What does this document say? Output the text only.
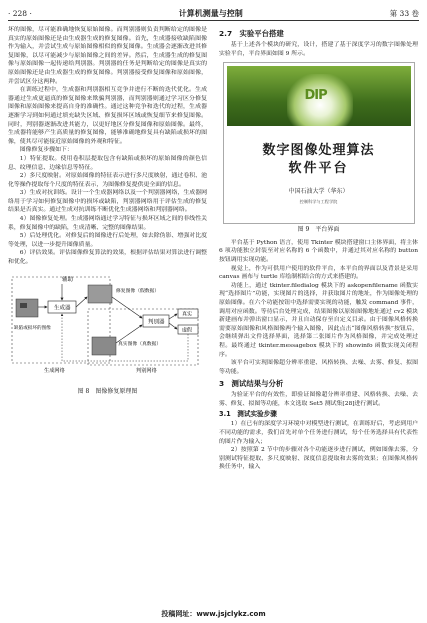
· 228 ·	计算机测量与控制	第 33 卷

坏的图像，尽可能准确地恢复原始图像。而判别器则负责判断给定的图像是真实的原始图像还是由生成器生成的修复图像。首先，生成器接收缺陷图像作为输入，并尝试生成与原始图像相似的修复图像。生成器会逐渐改进其修复图像，以尽可能减少与原始图像之间的差异。然后，生成器生成的修复图像与原始图像一起传递给判别器。判别器的任务是判断给定的图像是真实的原始图像还是由生成器生成的修复图像。判别器接受修复图像和原始图像，并尝试区分这两种。

在训练过程中，生成器和判别器相互竞争并进行不断的迭代优化。生成器通过生成更逼真的修复图像来欺骗判别器，而判别器则通过学习区分修复图像和原始图像来提高自身的准确性。通过这种竞争和迭代的过程，生成器逐渐学习到如何通过填充缺失区域、修复损坏区域或恢复细节来修复图像。同时，判别器逐渐改进其能力，以更好地区分修复图像和原始图像。最终，生成器将能够产生高质量的修复图像，能够准确地修复具有缺陷或损坏的图像，使其尽可能接近原始图像的外观和特征。

图像修复步骤如下：

1）特征提取。使用卷积层提取包含有缺陷或损坏的原始图像的颜色信息、纹理信息、边缘信息等特征。

2）多尺度映射。对原始图像的特征表示进行多尺度映射，通过卷积、池化等操作提取每个尺度的特征表示，为图像修复提供更全面的信息。

3）生成对抗训练。设计一个生成器网络以及一个判别器网络，生成器网络用于学习如何修复图像中的损坏或缺陷，判别器网络用于评估生成的修复结果是否真实。通过生成对抗训练不断优化生成器网络和判别器网络。

4）图像修复处理。生成器网络通过学习特征与损坏区域之间的非线性关系，修复图像中的缺陷，生成清晰、完整的图像结果。

5）后处理优化。对修复后的图像进行后处理，如去除伪影、增强对比度等处理，以进一步提升图像质量。

6）评估效果。评估图像修复算法的效果，根据评估结果对算法进行调整和优化。

辅助
缺陷或损坏的图像
生成器
修复图像（假数据）
真实图像（真数据）
判别器
真实
虚假
生成网络	判别网络
图 8　图像修复原理图
2.7　实验平台搭建

基于上述各个模块的研究，设计，搭建了基于深度学习的数字图像处理实验平台，平台界面如图 9 所示。

DIP
数字图像处理算法
软件平台
中国石油大学（华东）
控制科学与工程学院
图 9　平台界面

平台基于 Python 语言，使用 Tkinter 模块搭建窗口主体界面，将主体 6 项功能独立封装至对应名称的 6 个函数中，并通过其对应名称的 button 按钮调用实现功能。

视觉上，作为可供用户使用的软件平台，本平台的界面以及背景是采用 canvas 画布与 turtle 库绘制相结合的方式来搭建的。

功能上，通过 tkinter.filedialog 模块下的 askopenfilename 函数实现“选择图片”功能，实现图片的选择，并获取图片的地址，作为图像处理的原始图像。在六个功能按钮中选择需要实现的功能，触发 command 事件，调用对应函数。等待后台处理完成，结果图像以原始图像地址通过 cv2 模块新建画布并弹出窗口显示，并且自动保存至自定义目录。由于图像风格转换需要原始图像和风格图像两个输入图像，因此点击“图像风格转换”按钮后，会继续弹出文件选择界面，选择第二张图片作为风格图像，并完成处理过程。最终通过 tkinter.messagebox 模块下的 showinfo 函数实现关闭程序。

该平台可实现图像超分辨率重建、风格转换、去噪、去雾、修复、拟图等功能。

3　测试结果与分析

为验证平台的有效性，即验证图像超分辨率重建、风格转换、去噪、去雾、修复、拟图等功能，本文选取 Set5 测试集[28]进行测试。

3.1　测试实验步骤

1）在已有的深度学习环境中对模型进行测试，在训练好后，考虑到用户不同功能的需求，我们首先对单个任务进行测试，每个任务选择具有代表性的图片作为输入；

2）按照第 2 节中的步骤对各个功能逐步进行测试，例如图像去雾，分别测试特征提取、多尺度映射、深度信息提取和去雾的效果；在图像风格转换任务中，输入

投稿网址：www.jsjclykz.com
